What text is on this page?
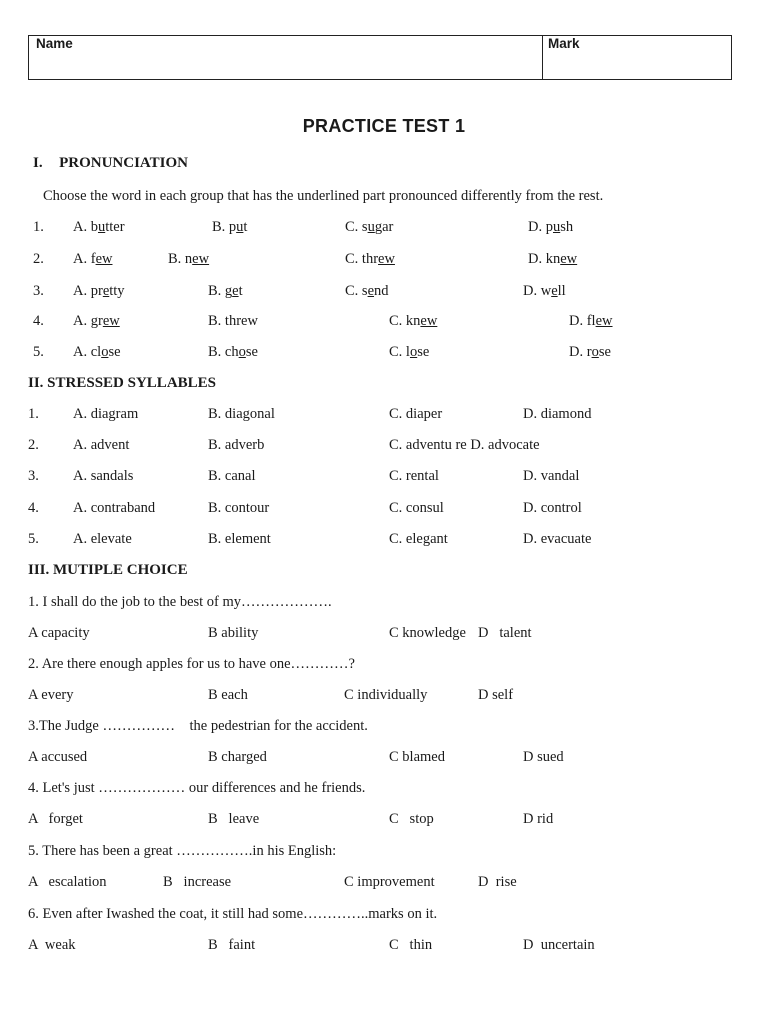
Name	Mark
PRACTICE TEST 1
I. PRONUNCIATION
Choose the word in each group that has the underlined part pronounced differently from the rest.
1. A. butter	B. put	C. sugar	D. push
2. A. few	B. new	C. threw	D. knew
3. A. pretty	B. get	C. send	D. well
4. A. grew	B. threw	C. knew	D. flew
5. A. close	B. chose	C. lose	D. rose
II. STRESSED SYLLABLES
1. A. diagram	B. diagonal	C. diaper	D. diamond
2. A. advent	B. adverb	C. adventu re D. advocate
3. A. sandals	B. canal	C. rental	D. vandal
4. A. contraband	B. contour	C. consul	D. control
5. A. elevate	B. element	C. elegant	D. evacuate
III. MUTIPLE CHOICE
1. I shall do the job to the best of my……………….
A capacity	B ability	C knowledge D   talent
2. Are there enough apples for us to have one…………?
A every	B each	C individually	D self
3.The Judge ……………    the pedestrian for the accident.
A accused	B charged	C blamed	D sued
4. Let's just ……………… our differences and he friends.
A   forget	B   leave	C   stop	D rid
5. There has been a great …………….in his English:
A   escalation	B   increase	C improvement	D  rise
6. Even after Iwashed the coat, it still had some…………..marks on it.
A  weak	B   faint	C   thin	D  uncertain
